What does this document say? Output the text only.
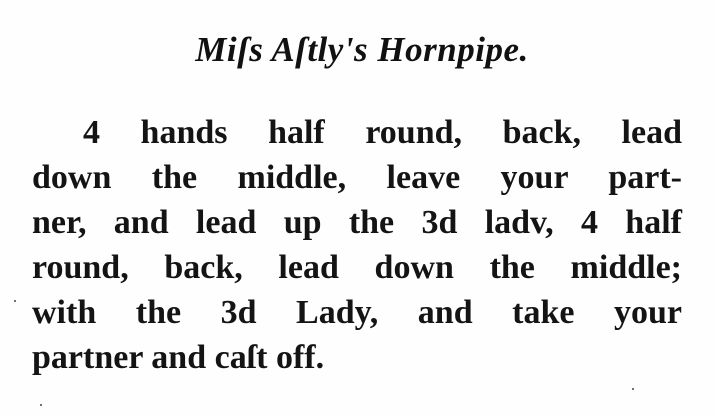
Miſs Aſtly's Hornpipe.
4 hands half round, back, lead
down the middle, leave your part-
ner, and lead up the 3d ladv, 4 half
round, back, lead down the middle;
with the 3d Lady, and take your
partner and caſt off.
